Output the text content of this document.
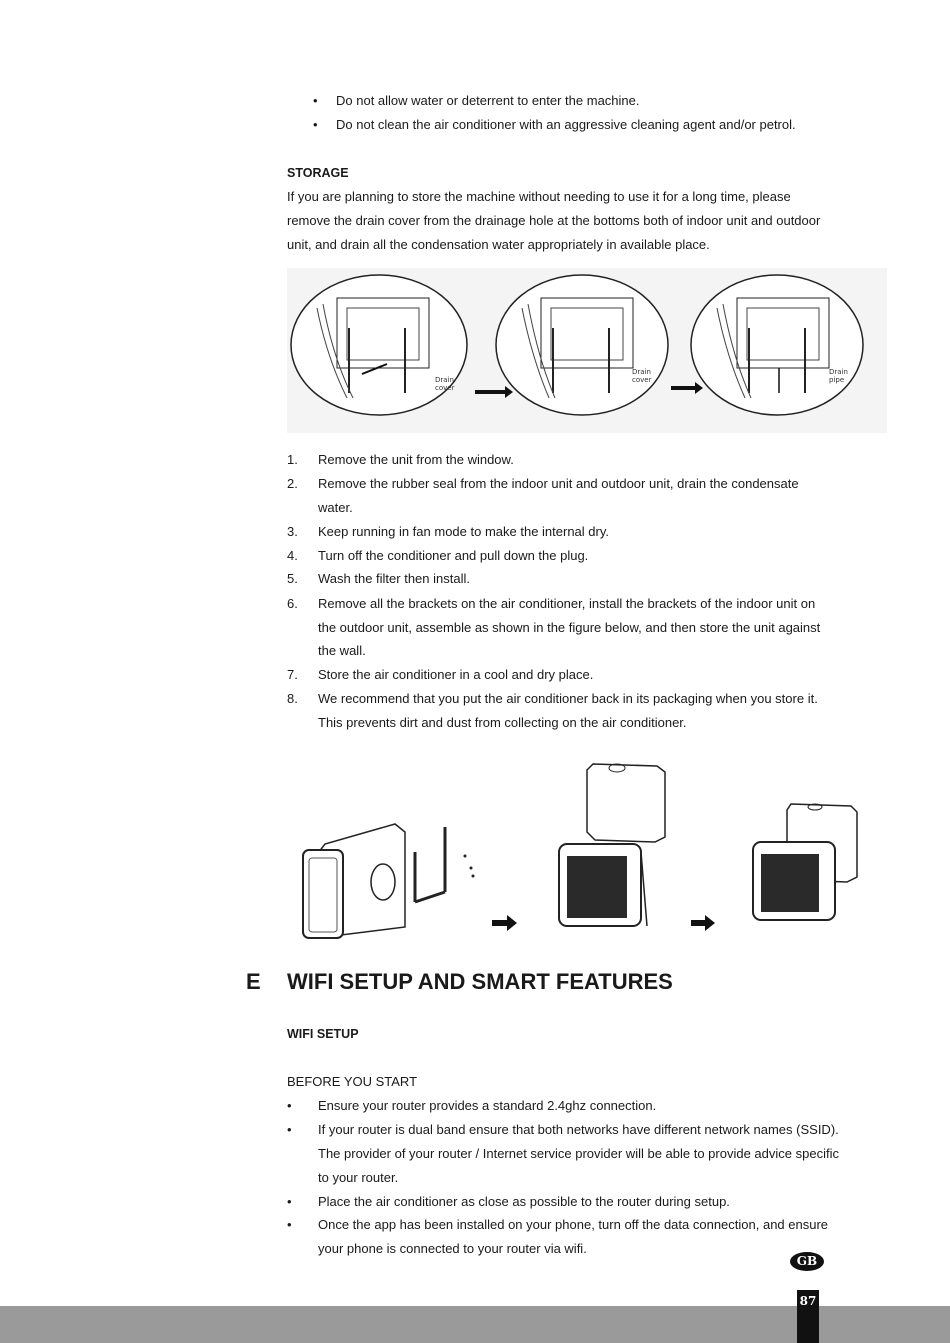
• Do not allow water or deterrent to enter the machine.
• Do not clean the air conditioner with an aggressive cleaning agent and/or petrol.
STORAGE
If you are planning to store the machine without needing to use it for a long time, please
remove the drain cover from the drainage hole at the bottoms both of indoor unit and outdoor
unit, and drain all the condensation water appropriately in available place.
Drain
cover
Drain
cover
Drain
pipe
1.	Remove the unit from the window.
2.	Remove the rubber seal from the indoor unit and outdoor unit, drain the condensate
water.
3.	Keep running in fan mode to make the internal dry.
4.	Turn off the conditioner and pull down the plug.
5.	Wash the filter then install.
6.	Remove all the brackets on the air conditioner, install the brackets of the indoor unit on
the outdoor unit, assemble as shown in the figure below, and then store the unit against
the wall.
7.	Store the air conditioner in a cool and dry place.
8.	We recommend that you put the air conditioner back in its packaging when you store it.
This prevents dirt and dust from collecting on the air conditioner.
E WIFI SETUP AND SMART FEATURES
WIFI SETUP
BEFORE YOU START
• Ensure your router provides a standard 2.4ghz connection.
• If your router is dual band ensure that both networks have different network names (SSID).
The provider of your router / Internet service provider will be able to provide advice specific
to your router.
• Place the air conditioner as close as possible to the router during setup.
• Once the app has been installed on your phone, turn off the data connection, and ensure
your phone is connected to your router via wifi.
GB
87
